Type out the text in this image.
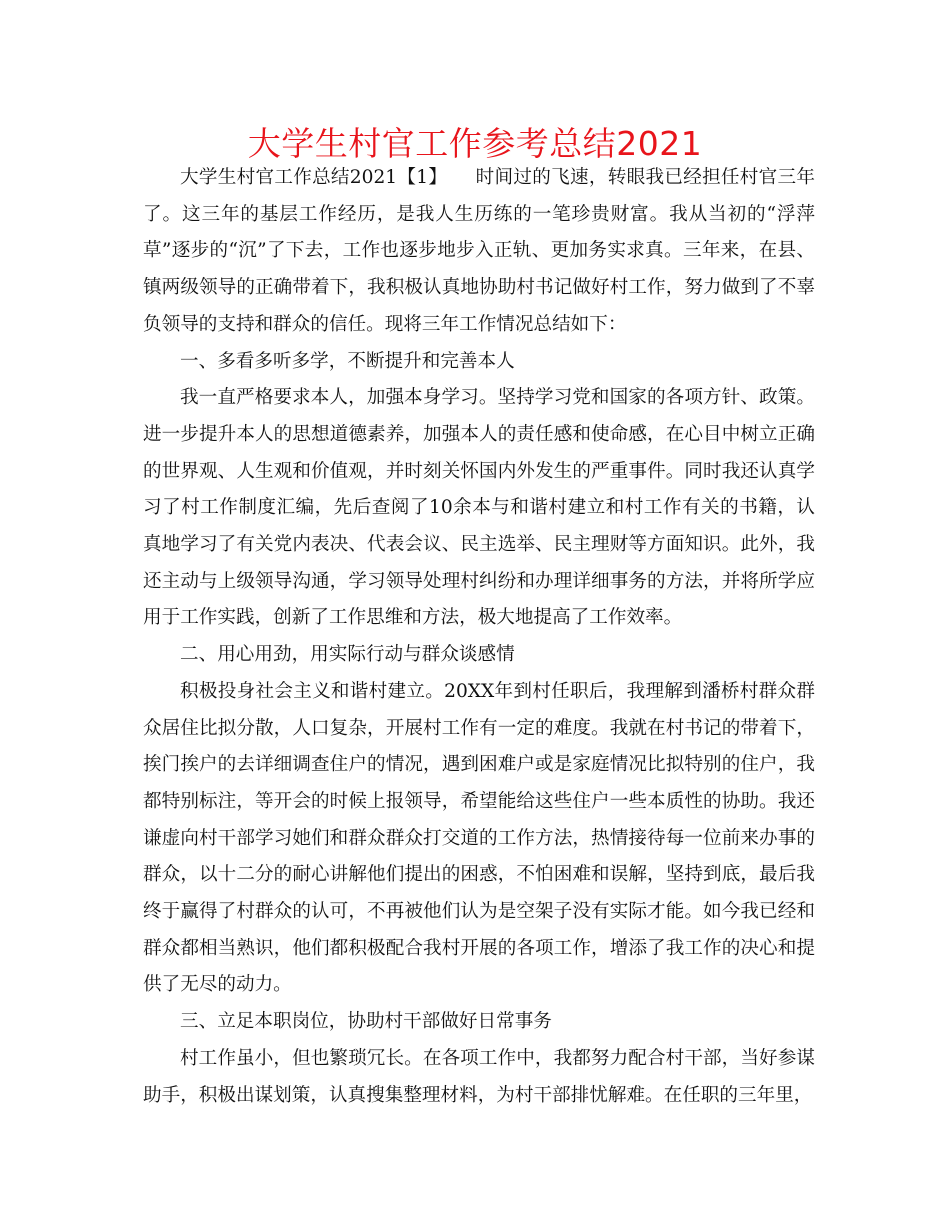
大学生村官工作参考总结2021

大学生村官工作总结2021【1】　　时间过的飞速，转眼我已经担任村官三年了。这三年的基层工作经历，是我人生历练的一笔珍贵财富。我从当初的“浮萍草”逐步的“沉”了下去，工作也逐步地步入正轨、更加务实求真。三年来，在县、镇两级领导的正确带着下，我积极认真地协助村书记做好村工作，努力做到了不辜负领导的支持和群众的信任。现将三年工作情况总结如下：

一、多看多听多学，不断提升和完善本人

我一直严格要求本人，加强本身学习。坚持学习党和国家的各项方针、政策。进一步提升本人的思想道德素养，加强本人的责任感和使命感，在心目中树立正确的世界观、人生观和价值观，并时刻关怀国内外发生的严重事件。同时我还认真学习了村工作制度汇编，先后查阅了10余本与和谐村建立和村工作有关的书籍，认真地学习了有关党内表决、代表会议、民主选举、民主理财等方面知识。此外，我还主动与上级领导沟通，学习领导处理村纠纷和办理详细事务的方法，并将所学应用于工作实践，创新了工作思维和方法，极大地提高了工作效率。

二、用心用劲，用实际行动与群众谈感情

积极投身社会主义和谐村建立。20XX年到村任职后，我理解到潘桥村群众群众居住比拟分散，人口复杂，开展村工作有一定的难度。我就在村书记的带着下，挨门挨户的去详细调查住户的情况，遇到困难户或是家庭情况比拟特别的住户，我都特别标注，等开会的时候上报领导，希望能给这些住户一些本质性的协助。我还谦虚向村干部学习她们和群众群众打交道的工作方法，热情接待每一位前来办事的群众，以十二分的耐心讲解他们提出的困惑，不怕困难和误解，坚持到底，最后我终于赢得了村群众的认可，不再被他们认为是空架子没有实际才能。如今我已经和群众都相当熟识，他们都积极配合我村开展的各项工作，增添了我工作的决心和提供了无尽的动力。

三、立足本职岗位，协助村干部做好日常事务

村工作虽小，但也繁琐冗长。在各项工作中，我都努力配合村干部，当好参谋助手，积极出谋划策，认真搜集整理材料，为村干部排忧解难。在任职的三年里，
